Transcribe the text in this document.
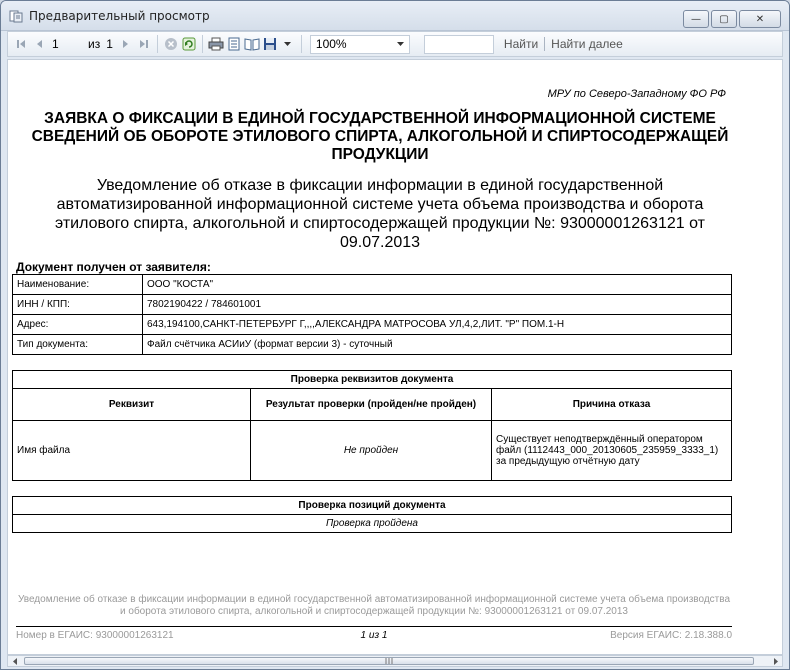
Предварительный просмотр	— ▢	✕
1
из 1	100%	Найти Найти далее
МРУ по Северо-Западному ФО РФ
ЗАЯВКА О ФИКСАЦИИ В ЕДИНОЙ ГОСУДАРСТВЕННОЙ ИНФОРМАЦИОННОЙ СИСТЕМЕ СВЕДЕНИЙ ОБ ОБОРОТЕ ЭТИЛОВОГО СПИРТА, АЛКОГОЛЬНОЙ И СПИРТОСОДЕРЖАЩЕЙ ПРОДУКЦИИ
Уведомление об отказе в фиксации информации в единой государственной автоматизированной информационной системе учета объема производства и оборота этилового спирта, алкогольной и спиртосодержащей продукции №: 93000001263121 от 09.07.2013
Документ получен от заявителя:
Наименование:	ООО "КОСТА"
ИНН / КПП:	7802190422 / 784601001
Адрес:	643,194100,САНКТ-ПЕТЕРБУРГ Г,,,,АЛЕКСАНДРА МАТРОСОВА УЛ,4,2,ЛИТ. "Р" ПОМ.1-Н
Тип документа:	Файл счётчика АСИиУ (формат версии 3) - суточный
Проверка реквизитов документа		
Реквизит	Результат проверки (пройден/не пройден)	Причина отказа
Имя файла	Не пройден	Существует неподтверждённый оператором файл (1112443_000_20130605_235959_3333_1) за предыдущую отчётную дату
Проверка позиций документа
Проверка пройдена
Уведомление об отказе в фиксации информации в единой государственной автоматизированной информационной системе учета объема производства и оборота этилового спирта, алкогольной и спиртосодержащей продукции №: 93000001263121 от 09.07.2013
Номер в ЕГАИС: 93000001263121	1 из 1	Версия ЕГАИС: 2.18.388.0
